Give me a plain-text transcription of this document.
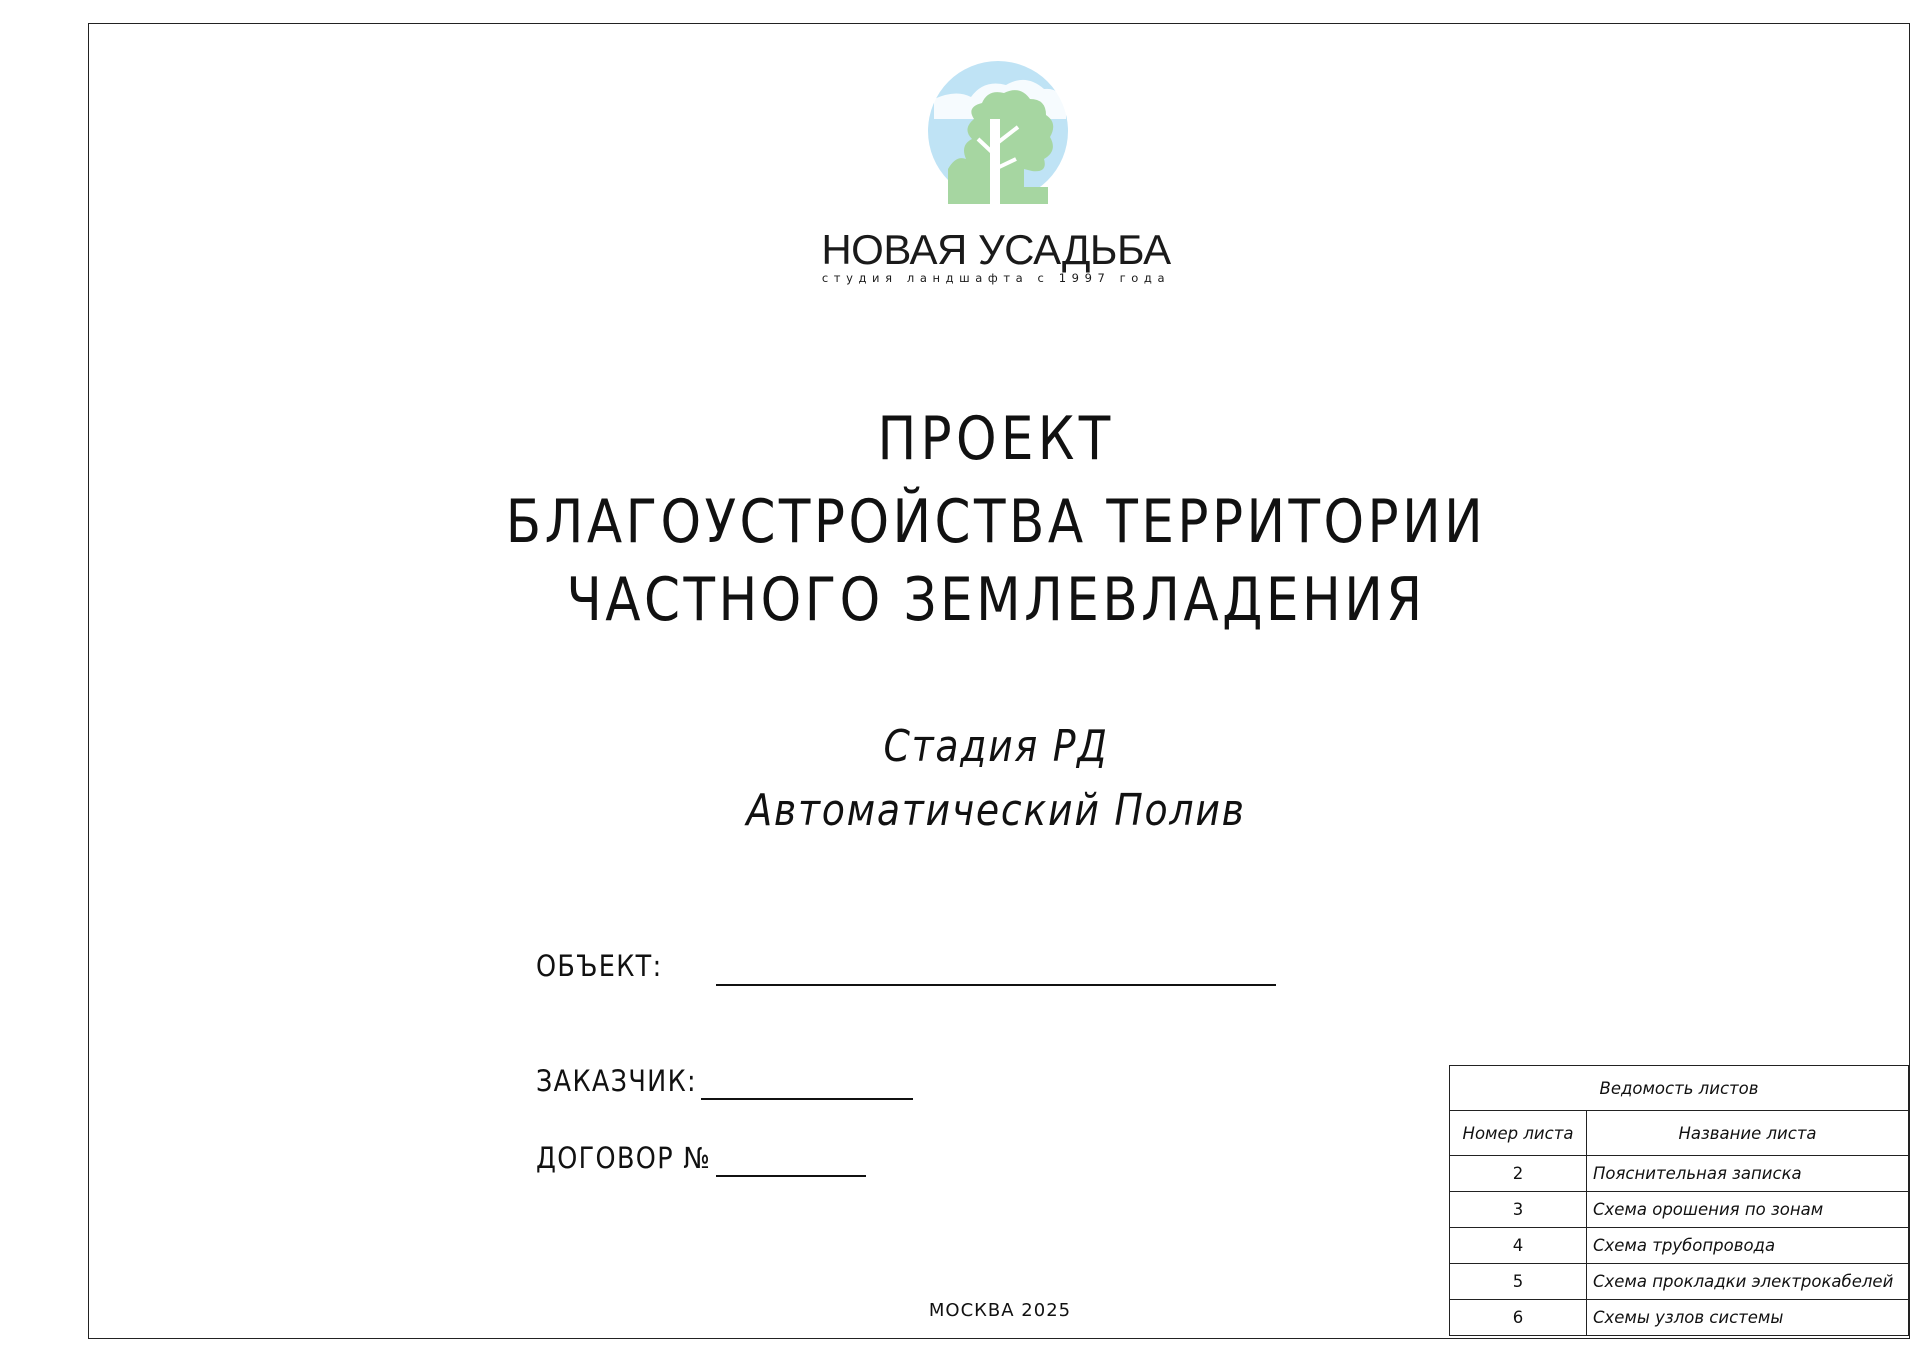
НОВАЯ УСАДЬБА
студия ландшафта с 1997 года
ПРОЕКТ
БЛАГОУСТРОЙСТВА ТЕРРИТОРИИ
ЧАСТНОГО ЗЕМЛЕВЛАДЕНИЯ
Стадия РД
Автоматический Полив
ОБЪЕКТ:
ЗАКАЗЧИК:
ДОГОВОР №
МОСКВА 2025
Ведомость листов	
Номер листа	Название листа
2	Пояснительная записка
3	Схема орошения по зонам
4	Схема трубопровода
5	Схема прокладки электрокабелей
6	Схемы узлов системы
